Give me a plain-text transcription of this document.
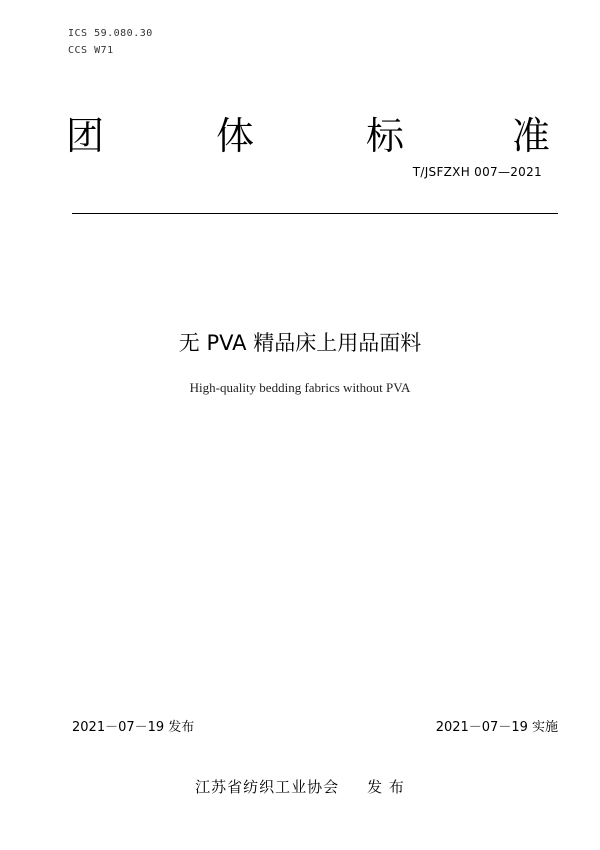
ICS 59.080.30
CCS W71
团	体	标	准
T/JSFZXH 007—2021
无 PVA 精品床上用品面料
High-quality bedding fabrics without PVA
2021－07－19 发布	2021－07－19 实施
江苏省纺织工业协会 发 布
